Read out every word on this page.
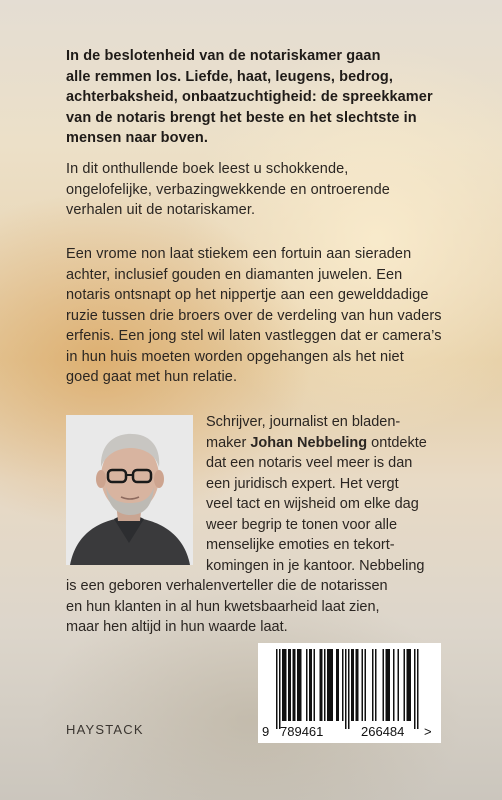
In de beslotenheid van de notariskamer gaan
alle remmen los. Liefde, haat, leugens, bedrog,
achterbaksheid, onbaatzuchtigheid: de spreekkamer
van de notaris brengt het beste en het slechtste in
mensen naar boven.
In dit onthullende boek leest u schokkende,
ongelofelijke, verbazingwekkende en ontroerende
verhalen uit de notariskamer.
Een vrome non laat stiekem een fortuin aan sieraden
achter, inclusief gouden en diamanten juwelen. Een
notaris ontsnapt op het nippertje aan een gewelddadige
ruzie tussen drie broers over de verdeling van hun vaders
erfenis. Een jong stel wil laten vastleggen dat er camera’s
in hun huis moeten worden opgehangen als het niet
goed gaat met hun relatie.
Schrijver, journalist en bladen-
maker Johan Nebbeling ontdekte
dat een notaris veel meer is dan
een juridisch expert. Het vergt
veel tact en wijsheid om elke dag
weer begrip te tonen voor alle
menselijke emoties en tekort-
komingen in je kantoor. Nebbeling
is een geboren verhalenverteller die de notarissen
en hun klanten in al hun kwetsbaarheid laat zien,
maar hen altijd in hun waarde laat.
HAYSTACK	9 789461	266484 >
